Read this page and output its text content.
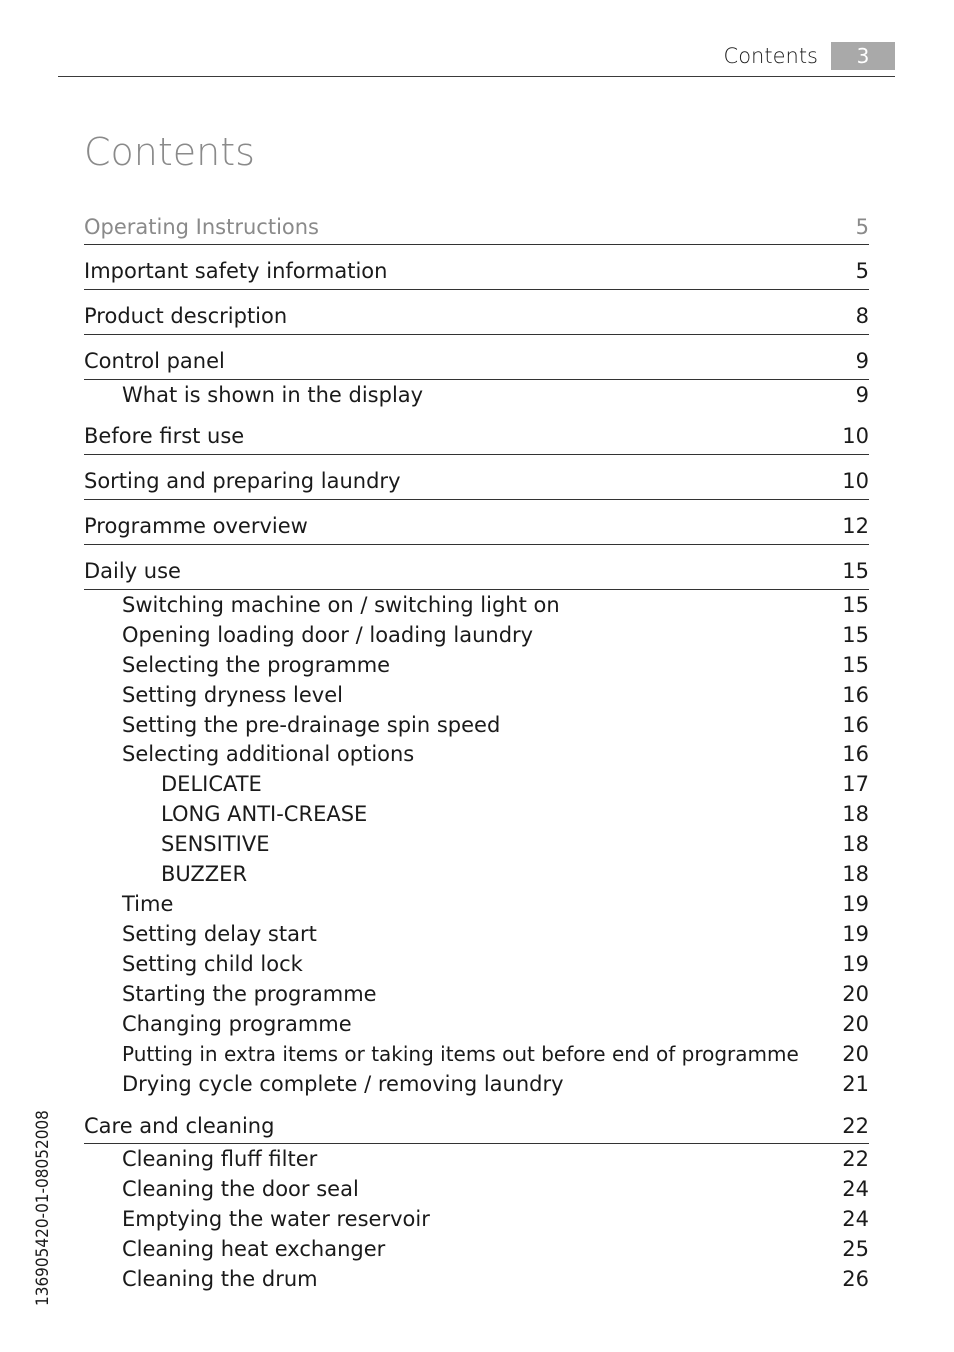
Contents	3
Contents
Operating Instructions	5
Important safety information	5
Product description	8
Control panel	9
What is shown in the display	9
Before first use	10
Sorting and preparing laundry	10
Programme overview	12
Daily use	15
Switching machine on / switching light on	15
Opening loading door / loading laundry	15
Selecting the programme	15
Setting dryness level	16
Setting the pre-drainage spin speed	16
Selecting additional options	16
DELICATE	17
LONG ANTI-CREASE	18
SENSITIVE	18
BUZZER	18
Time	19
Setting delay start	19
Setting child lock	19
Starting the programme	20
Changing programme	20
Putting in extra items or taking items out before end of programme 20
Drying cycle complete / removing laundry	21
Care and cleaning	22
Cleaning fluff filter	22
Cleaning the door seal	24
Emptying the water reservoir	24
Cleaning heat exchanger	25
Cleaning the drum	26
136905420-01-08052008
